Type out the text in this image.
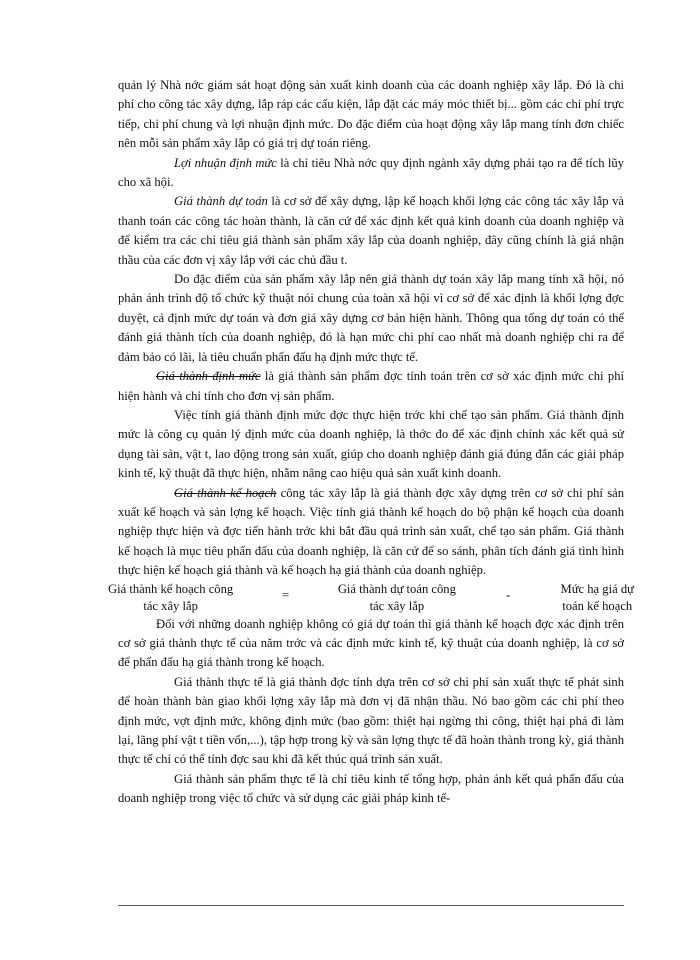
quản lý Nhà nớc giám sát hoạt động sản xuất kinh doanh của các doanh nghiệp xây lắp. Đó là chi phí cho công tác xây dựng, lắp ráp các cấu kiện, lắp đặt các máy móc thiết bị... gồm các chi phí trực tiếp, chi phí chung và lợi nhuận định mức. Do đặc điểm của hoạt động xây lắp mang tính đơn chiếc nên mỗi sản phẩm xây lắp có giá trị dự toán riêng.

Lợi nhuận định mức là chỉ tiêu Nhà nớc quy định ngành xây dựng phải tạo ra để tích lũy cho xã hội.

Giá thành dự toán là cơ sở để xây dựng, lập kế hoạch khối lợng các công tác xây lắp và thanh toán các công tác hoàn thành, là căn cứ để xác định kết quả kinh doanh của doanh nghiệp và để kiểm tra các chỉ tiêu giá thành sản phẩm xây lắp của doanh nghiệp, đây cũng chính là giá nhận thầu của các đơn vị xây lắp với các chủ đầu t.

Do đặc điểm của sản phẩm xây lắp nên giá thành dự toán xây lắp mang tính xã hội, nó phản ánh trình độ tổ chức kỹ thuật nói chung của toàn xã hội vì cơ sở để xác định là khối lợng đợc duyệt, cả định mức dự toán và đơn giá xây dựng cơ bản hiện hành. Thông qua tổng dự toán có thể đánh giá thành tích của doanh nghiệp, đó là hạn mức chi phí cao nhất mà doanh nghiệp chi ra để đảm bảo có lãi, là tiêu chuẩn phấn đấu hạ định mức thực tế.

Giá thành định mức là giá thành sản phẩm đợc tính toán trên cơ sở xác định mức chi phí hiện hành và chỉ tính cho đơn vị sản phẩm.

Việc tính giá thành định mức đợc thực hiện trớc khi chế tạo sản phẩm. Giá thành định mức là công cụ quản lý định mức của doanh nghiệp, là thớc đo để xác định chính xác kết quả sử dụng tài sản, vật t, lao động trong sản xuất, giúp cho doanh nghiệp đánh giá đúng đắn các giải pháp kinh tế, kỹ thuật đã thực hiện, nhằm nâng cao hiệu quả sản xuất kinh doanh.

Giá thành kế hoạch công tác xây lắp là giá thành đợc xây dựng trên cơ sở chi phí sản xuất kế hoạch và sản lợng kế hoạch. Việc tính giá thành kế hoạch do bộ phận kế hoạch của doanh nghiệp thực hiện và đợc tiến hành trớc khi bắt đầu quá trình sản xuất, chế tạo sản phẩm. Giá thành kế hoạch là mục tiêu phấn đấu của doanh nghiệp, là căn cứ để so sánh, phân tích đánh giá tình hình thực hiện kế hoạch giá thành và kế hoạch hạ giá thành của doanh nghiệp.

Giá thành kế hoạch công
tác xây lắp
=	Giá thành dự toán công
tác xây lắp
-	Mức hạ giá dự
toán kế hoạch

Đối với những doanh nghiệp không có giá dự toán thì giá thành kế hoạch đợc xác định trên cơ sở giá thành thực tế của năm trớc và các định mức kinh tế, kỹ thuật của doanh nghiệp, là cơ sở để phấn đấu hạ giá thành trong kế hoạch.

Giá thành thực tế là giá thành đợc tính dựa trên cơ sở chi phí sản xuất thực tế phát sinh để hoàn thành bàn giao khối lợng xây lắp mà đơn vị đã nhận thầu. Nó bao gồm các chi phí theo định mức, vợt định mức, không định mức (bao gồm: thiệt hại ngừng thi công, thiệt hại phá đi làm lại, lãng phí vật t tiền vốn,...), tập hợp trong kỳ và sản lợng thực tế đã hoàn thành trong kỳ, giá thành thực tế chỉ có thể tính đợc sau khi đã kết thúc quá trình sản xuất.

Giá thành sản phẩm thực tế là chỉ tiêu kinh tế tổng hợp, phản ánh kết quả phấn đấu của doanh nghiệp trong việc tổ chức và sử dụng các giải pháp kinh tế-
